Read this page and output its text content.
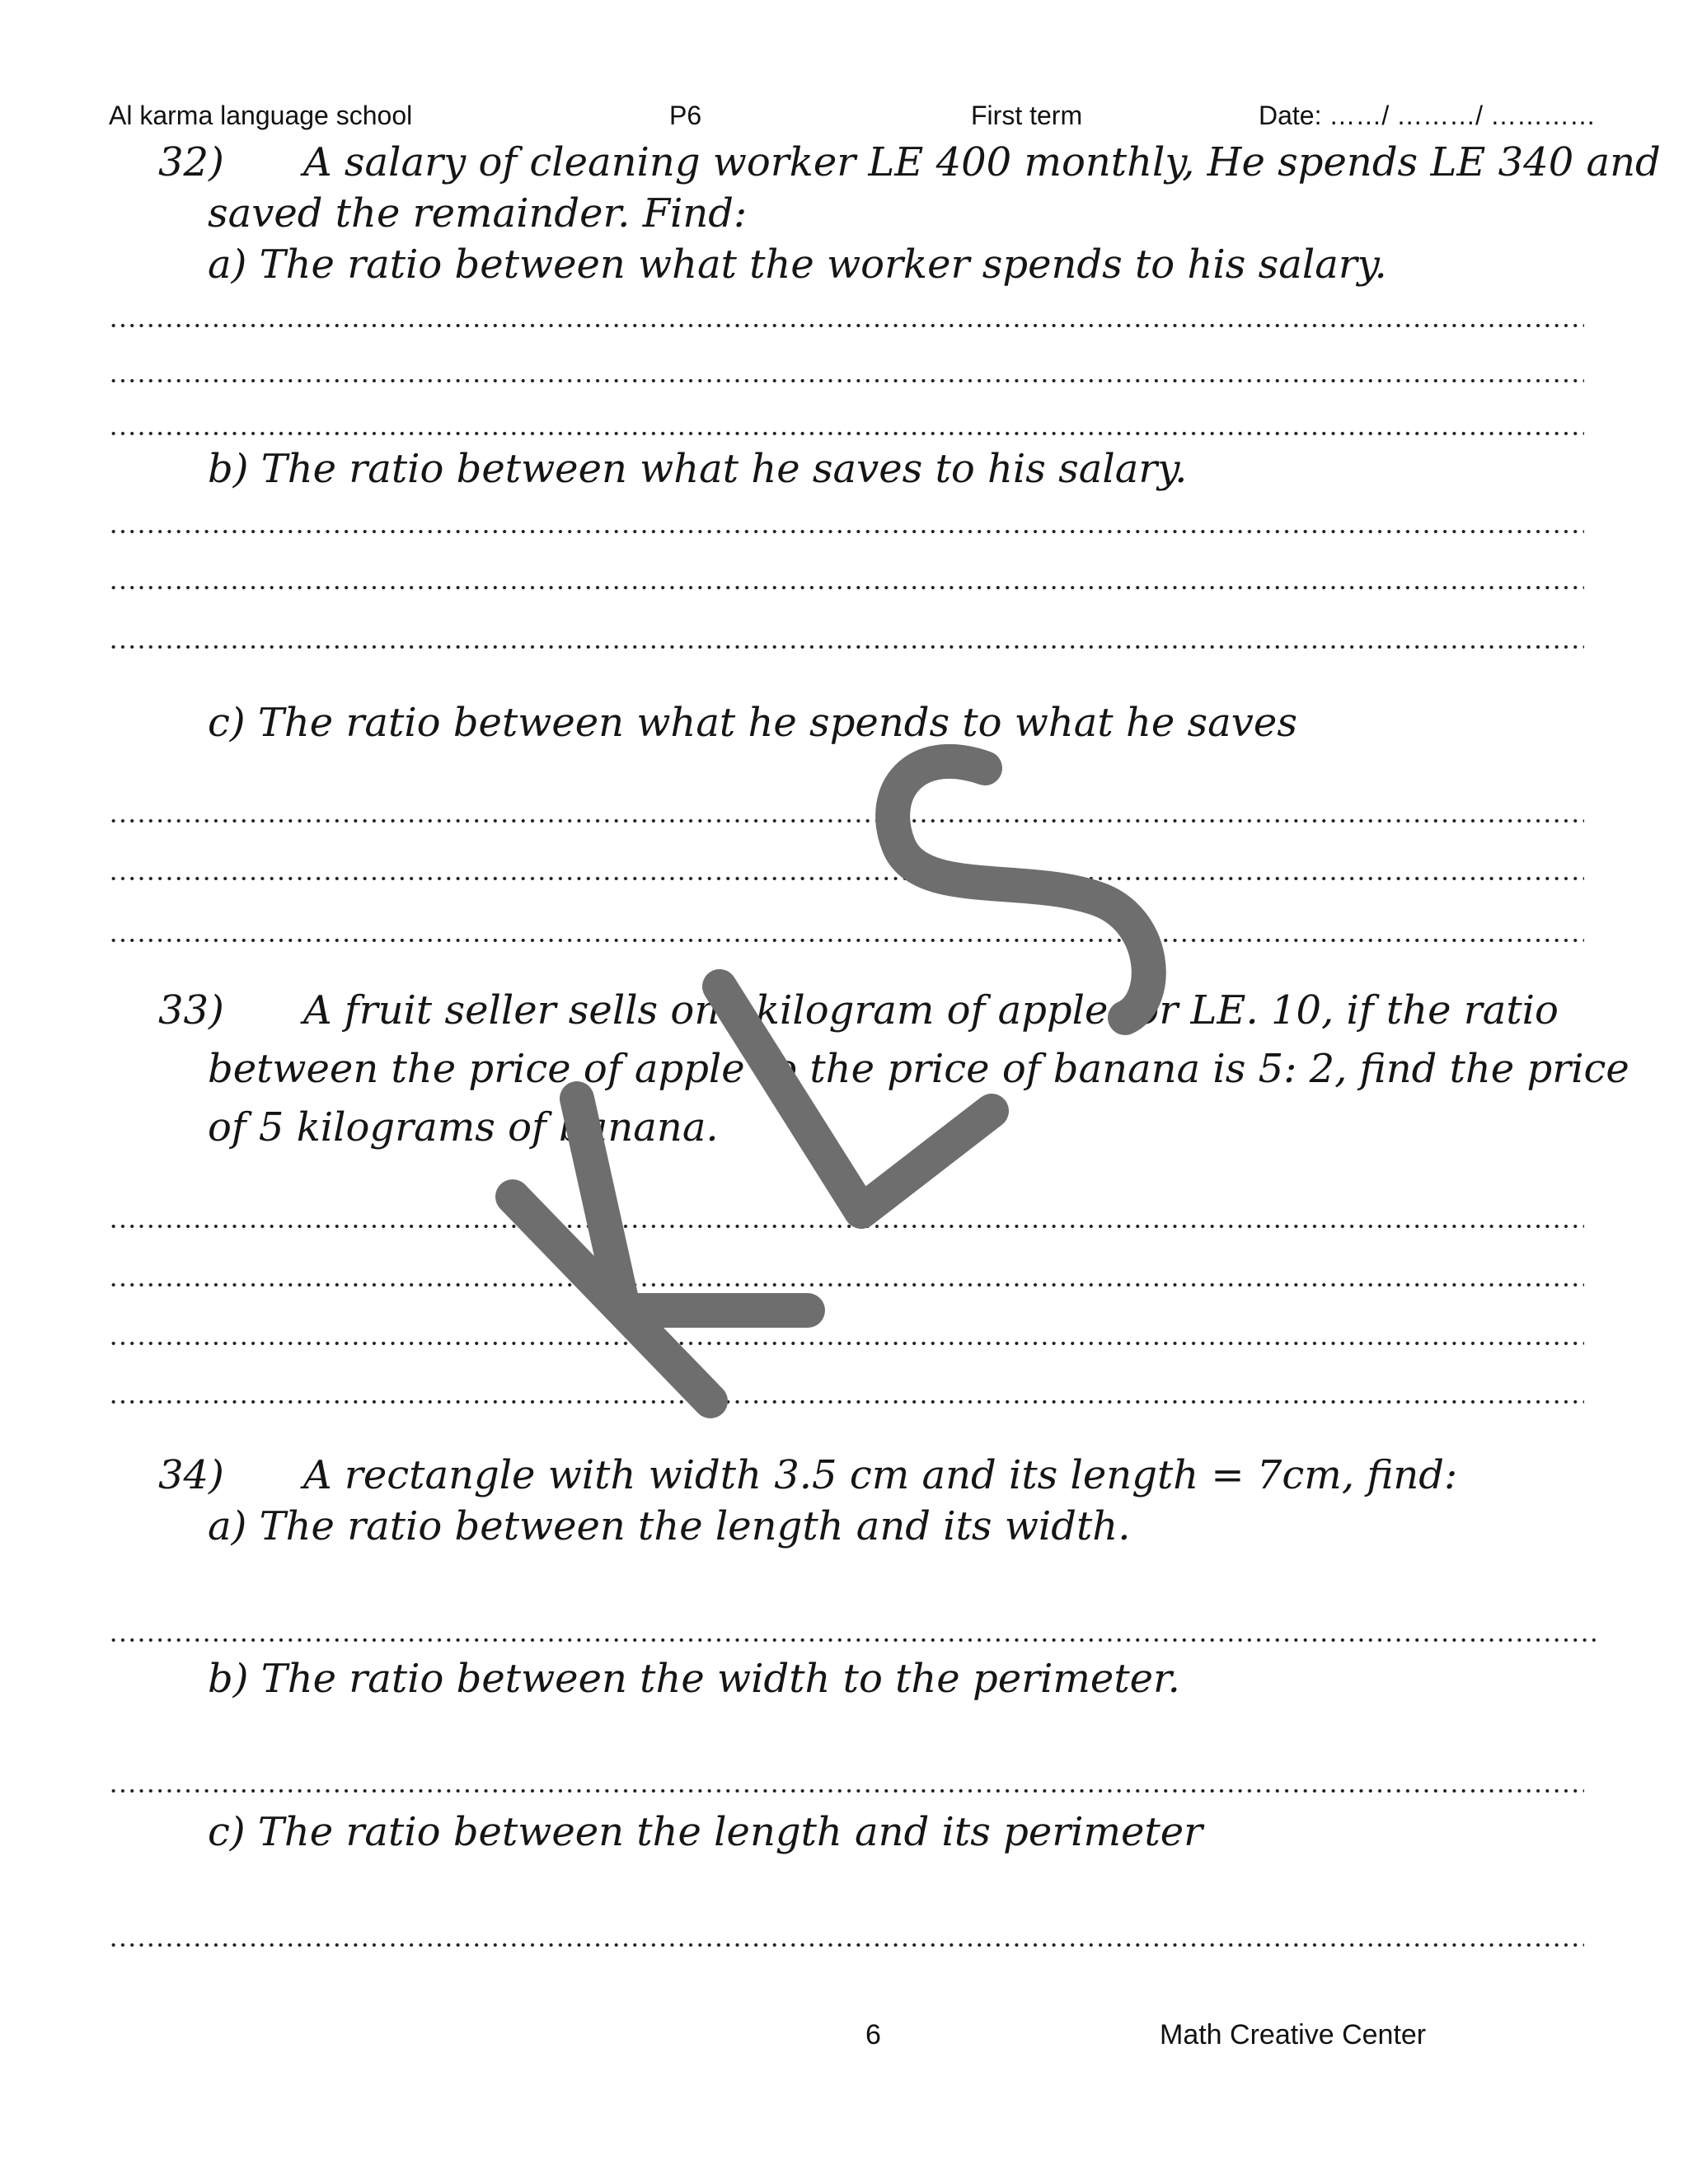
Al karma language school	P6	First term	Date: ……/ ………/ …………
32) A salary of cleaning worker LE 400 monthly, He spends LE 340 and
saved the remainder. Find:
a) The ratio between what the worker spends to his salary.
b) The ratio between what he saves to his salary.
c) The ratio between what he spends to what he saves
33) A fruit seller sells one kilogram of apple for LE. 10, if the ratio
between the price of apple to the price of banana is 5: 2, find the price
of 5 kilograms of banana.
34) A rectangle with width 3.5 cm and its length = 7cm, find:
a) The ratio between the length and its width.
b) The ratio between the width to the perimeter.
c) The ratio between the length and its perimeter
6	Math Creative Center
